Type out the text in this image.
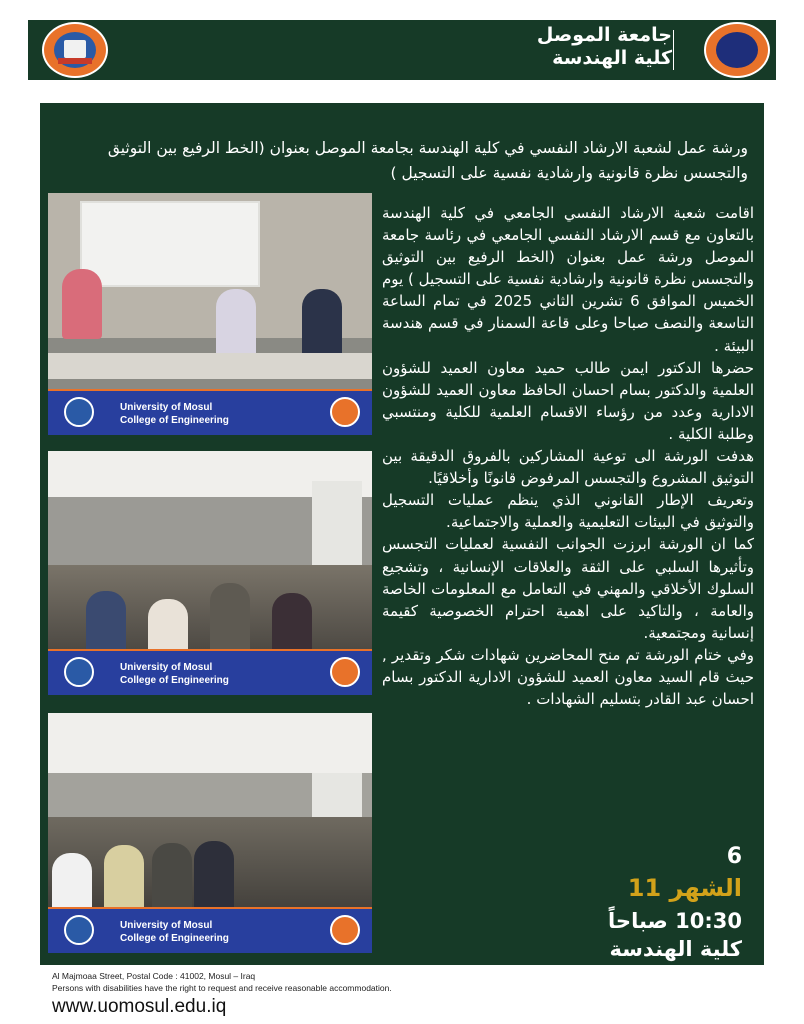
جامعة الموصل
كلية الهندسة
ورشة عمل لشعبة الارشاد النفسي في كلية الهندسة بجامعة الموصل بعنوان (الخط الرفيع بين التوثيق والتجسس نظرة قانونية وارشادية نفسية على التسجيل )
University of Mosul
College of Engineering
University of Mosul
College of Engineering
University of Mosul
College of Engineering

اقامت شعبة الارشاد النفسي الجامعي في كلية الهندسة بالتعاون مع قسم الارشاد النفسي الجامعي في رئاسة جامعة الموصل ورشة عمل بعنوان (الخط الرفيع بين التوثيق والتجسس نظرة قانونية وارشادية نفسية على التسجيل ) يوم الخميس الموافق 6 تشرين الثاني 2025 في تمام الساعة التاسعة والنصف صباحا وعلى قاعة السمنار في قسم هندسة البيئة .

حضرها الدكتور ايمن طالب حميد معاون العميد للشؤون العلمية والدكتور بسام احسان الحافظ معاون العميد للشؤون الادارية وعدد من رؤساء الاقسام العلمية للكلية ومنتسبي وطلبة الكلية .

هدفت الورشة الى توعية المشاركين بالفروق الدقيقة بين التوثيق المشروع والتجسس المرفوض قانونًا وأخلاقيًا.

وتعريف الإطار القانوني الذي ينظم عمليات التسجيل والتوثيق في البيئات التعليمية والعملية والاجتماعية.

كما ان الورشة ابرزت الجوانب النفسية لعمليات التجسس وتأثيرها السلبي على الثقة والعلاقات الإنسانية ، وتشجيع السلوك الأخلاقي والمهني في التعامل مع المعلومات الخاصة والعامة ، والتاكيد على اهمية احترام الخصوصية كقيمة إنسانية ومجتمعية.

وفي ختام الورشة تم منح المحاضرين شهادات شكر وتقدير , حيث قام السيد معاون العميد للشؤون الادارية الدكتور بسام احسان عبد القادر بتسليم الشهادات .

6
الشهر 11
10:30 صباحاً
كلية الهندسة
Al Majmoaa Street, Postal Code : 41002, Mosul – Iraq
Persons with disabilities have the right to request and receive reasonable accommodation.
www.uomosul.edu.iq
